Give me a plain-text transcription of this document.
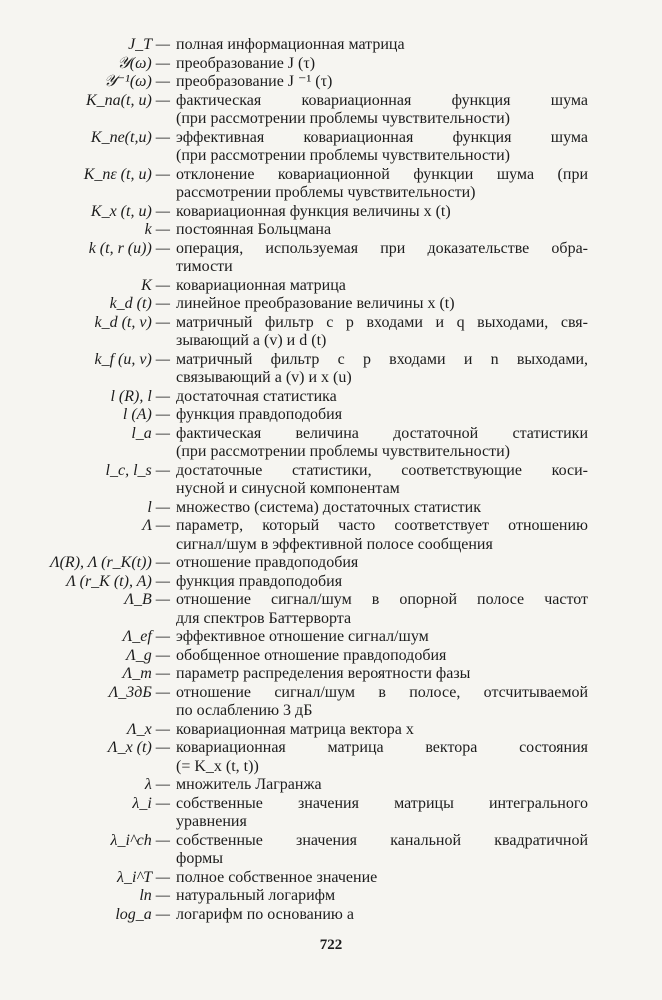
J_T — полная информационная матрица
𝒴(ω) — преобразование J (τ)
𝒴⁻¹(ω) — преобразование J ⁻¹ (τ)
K_na(t, u) — фактическая ковариационная функция шума
(при рассмотрении проблемы чувствительности)
K_ne(t,u) — эффективная ковариационная функция шума
(при рассмотрении проблемы чувствительности)
K_nε (t, u) — отклонение ковариационной функции шума (при
рассмотрении проблемы чувствительности)
K_x (t, u) — ковариационная функция величины x (t)
k — постоянная Больцмана
k (t, r (u)) — операция, используемая при доказательстве обра-
тимости
K — ковариационная матрица
k_d (t) — линейное преобразование величины x (t)
k_d (t, v) — матричный фильтр с p входами и q выходами, свя-
зывающий a (v) и d (t)
k_f (u, v) — матричный фильтр с p входами и n выходами,
связывающий a (v) и x (u)
l (R), l — достаточная статистика
l (A) — функция правдоподобия
l_a — фактическая величина достаточной статистики
(при рассмотрении проблемы чувствительности)
l_c, l_s — достаточные статистики, соответствующие коси-
нусной и синусной компонентам
l — множество (система) достаточных статистик
Λ — параметр, который часто соответствует отношению
сигнал/шум в эффективной полосе сообщения
Λ(R), Λ (r_K(t)) — отношение правдоподобия
Λ (r_K (t), A) — функция правдоподобия
Λ_B — отношение сигнал/шум в опорной полосе частот
для спектров Баттерворта
Λ_ef — эффективное отношение сигнал/шум
Λ_g — обобщенное отношение правдоподобия
Λ_m — параметр распределения вероятности фазы
Λ_3дБ — отношение сигнал/шум в полосе, отсчитываемой
по ослаблению 3 дБ
Λ_x — ковариационная матрица вектора x
Λ_x (t) — ковариационная матрица вектора состояния
(= K_x (t, t))
λ — множитель Лагранжа
λ_i — собственные значения матрицы интегрального
уравнения
λ_i^ch — собственные значения канальной квадратичной
формы
λ_i^T — полное собственное значение
ln — натуральный логарифм
log_a — логарифм по основанию a
722
